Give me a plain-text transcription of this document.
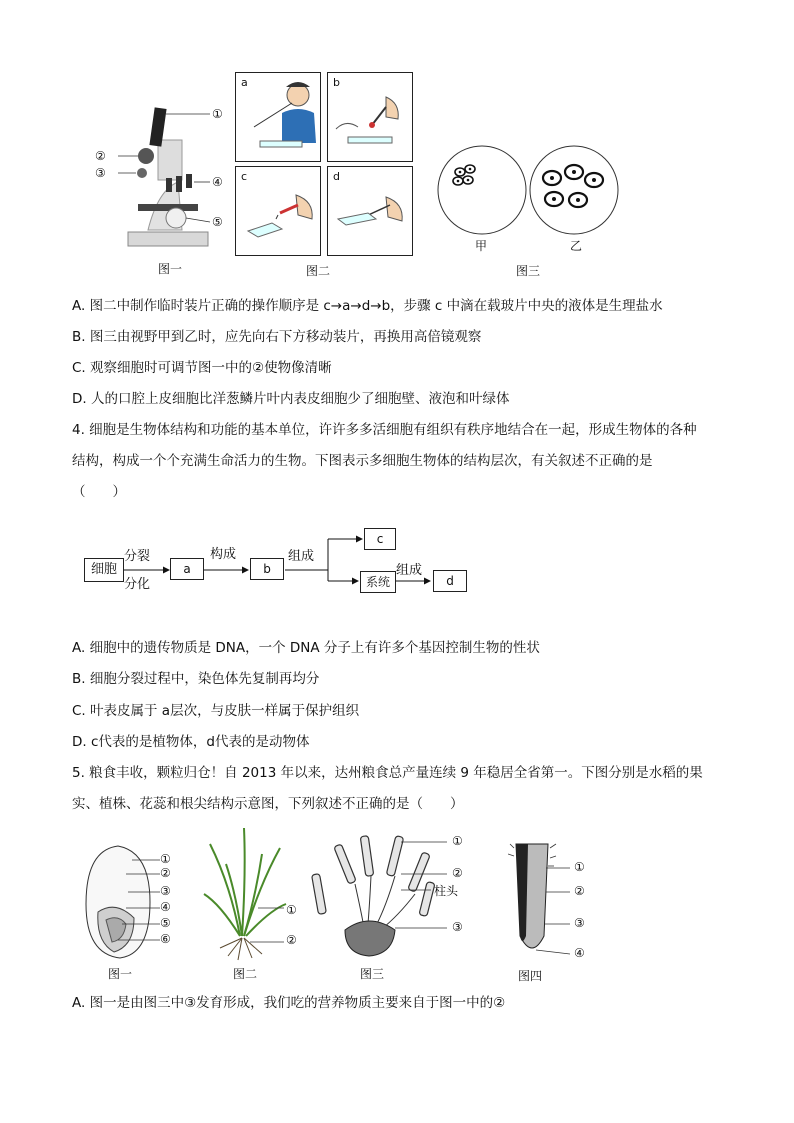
①
②
③
④
⑤
图一
a	b
c	d
图二
甲	乙
图三
A. 图二中制作临时装片正确的操作顺序是 c→a→d→b，步骤 c 中滴在载玻片中央的液体是生理盐水
B. 图三由视野甲到乙时，应先向右下方移动装片，再换用高倍镜观察
C. 观察细胞时可调节图一中的②使物像清晰
D. 人的口腔上皮细胞比洋葱鳞片叶内表皮细胞少了细胞壁、液泡和叶绿体
4. 细胞是生物体结构和功能的基本单位，许许多多活细胞有组织有秩序地结合在一起，形成生物体的各种
结构，构成一个个充满生命活力的生物。下图表示多细胞生物体的结构层次，有关叙述不正确的是
（　　）
细胞
分裂
分化
a
构成
b
组成
c
系统
组成
d
A. 细胞中的遗传物质是 DNA，一个 DNA 分子上有许多个基因控制生物的性状
B. 细胞分裂过程中，染色体先复制再均分
C. 叶表皮属于 a层次，与皮肤一样属于保护组织
D. c代表的是植物体，d代表的是动物体
5. 粮食丰收，颗粒归仓！自 2013 年以来，达州粮食总产量连续 9 年稳居全省第一。下图分别是水稻的果
实、植株、花蕊和根尖结构示意图，下列叙述不正确的是（　　）
①
②
③
④
⑤
⑥
图一
①
②
图二
①
②
柱头
③
图三
①
②
③
④
图四
A. 图一是由图三中③发育形成，我们吃的营养物质主要来自于图一中的②
